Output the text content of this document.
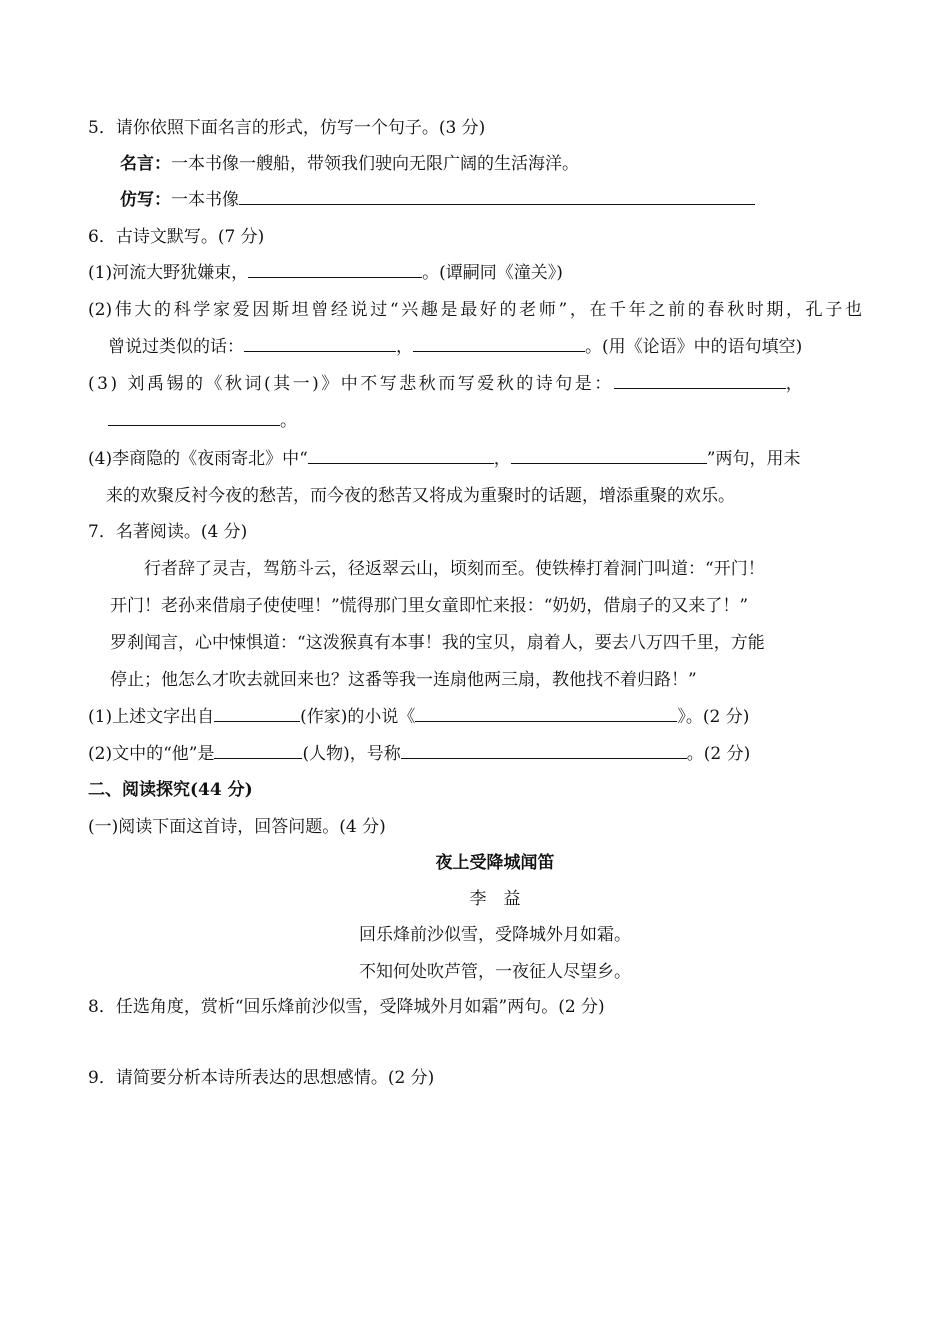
5．请你依照下面名言的形式，仿写一个句子。(3 分)
名言：一本书像一艘船，带领我们驶向无限广阔的生活海洋。
仿写：一本书像
6．古诗文默写。(7 分)
(1)河流大野犹嫌束，	。(谭嗣同《潼关》)
(2)伟大的科学家爱因斯坦曾经说过“兴趣是最好的老师”，在千年之前的春秋时期，孔子也
曾说过类似的话：	，	。(用《论语》中的语句填空)
(3) 刘禹锡的《秋词(其一)》中不写悲秋而写爱秋的诗句是：	，
。
(4)李商隐的《夜雨寄北》中“	，	”两句，用未
来的欢聚反衬今夜的愁苦，而今夜的愁苦又将成为重聚时的话题，增添重聚的欢乐。
7．名著阅读。(4 分)
行者辞了灵吉，驾筋斗云，径返翠云山，顷刻而至。使铁棒打着洞门叫道：“开门！
开门！老孙来借扇子使使哩！”慌得那门里女童即忙来报：“奶奶，借扇子的又来了！”
罗刹闻言，心中悚惧道：“这泼猴真有本事！我的宝贝，扇着人，要去八万四千里，方能
停止；他怎么才吹去就回来也？这番等我一连扇他两三扇，教他找不着归路！”
(1)上述文字出自	(作家)的小说《	》。(2 分)
(2)文中的“他”是	(人物)，号称	。(2 分)
二、阅读探究(44 分)
(一)阅读下面这首诗，回答问题。(4 分)
夜上受降城闻笛
李　益
回乐烽前沙似雪，受降城外月如霜。
不知何处吹芦管，一夜征人尽望乡。
8．任选角度，赏析“回乐烽前沙似雪，受降城外月如霜”两句。(2 分)
9．请简要分析本诗所表达的思想感情。(2 分)
